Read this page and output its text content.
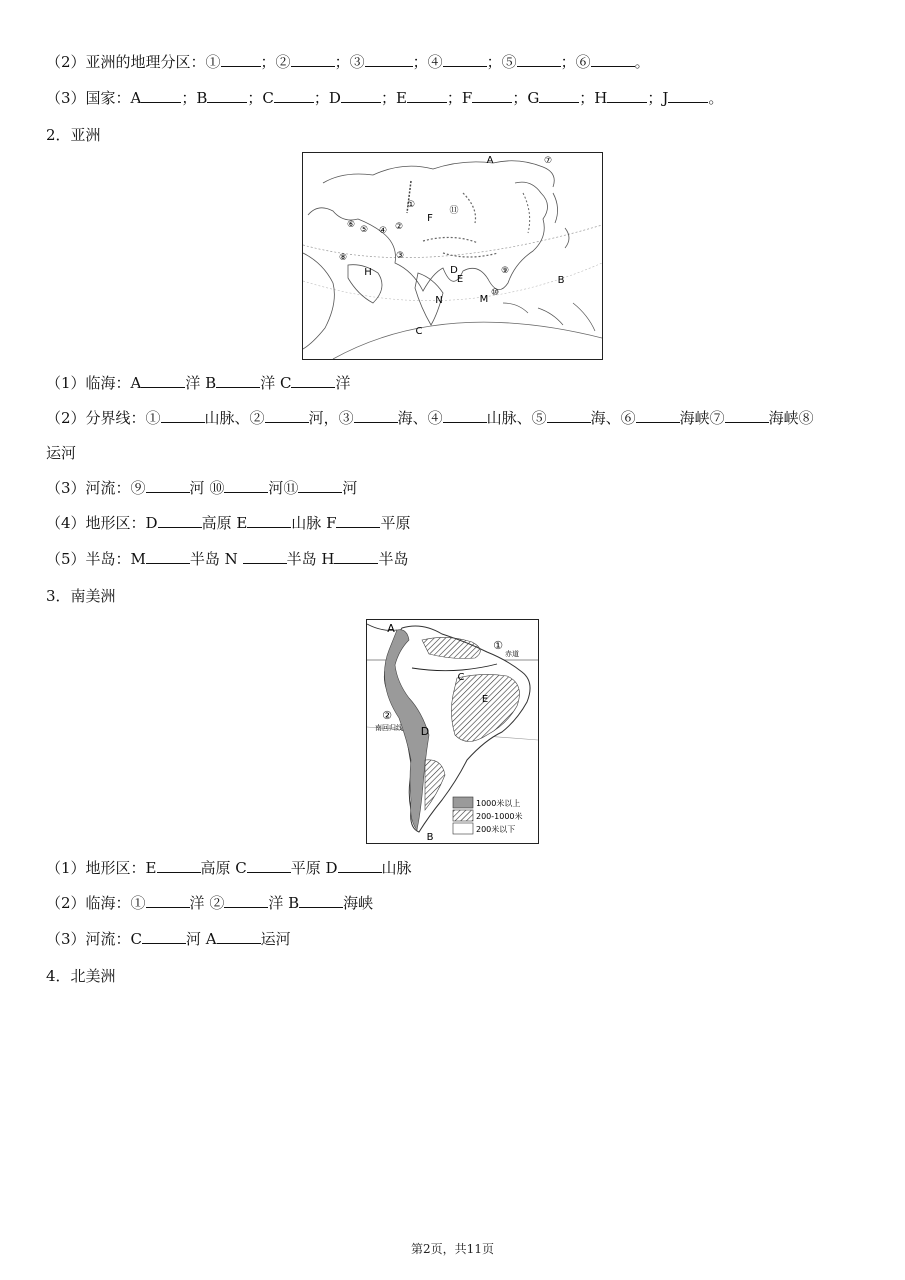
（2）亚洲的地理分区：①	；②	；③	；④	；⑤	；⑥	。
（3）国家：A	；B	；C	；D	；E	；F	；G	；H	；J	。
2．亚洲
A
B
C
D
E
F
H
M
N
①
②
③
④
⑤
⑥
⑦
⑧
⑨
⑩
⑪
（1）临海：A	洋 B	洋 C	洋
（2）分界线：①	山脉、②	河，③	海、④	山脉、⑤	海、⑥	海峡⑦	海峡⑧
运河
（3）河流：⑨	河 ⑩	河⑪	河
（4）地形区：D	高原 E	山脉 F	平原
（5）半岛：M	半岛 N	半岛 H	半岛
3．南美洲
赤道
南回归线
A
B
C
D
E
①
②
1000米以上
200-1000米
200米以下
（1）地形区：E	高原 C	平原 D	山脉
（2）临海：①	洋 ②	洋 B	海峡
（3）河流：C	河 A	运河
4．北美洲
第2页，共11页
